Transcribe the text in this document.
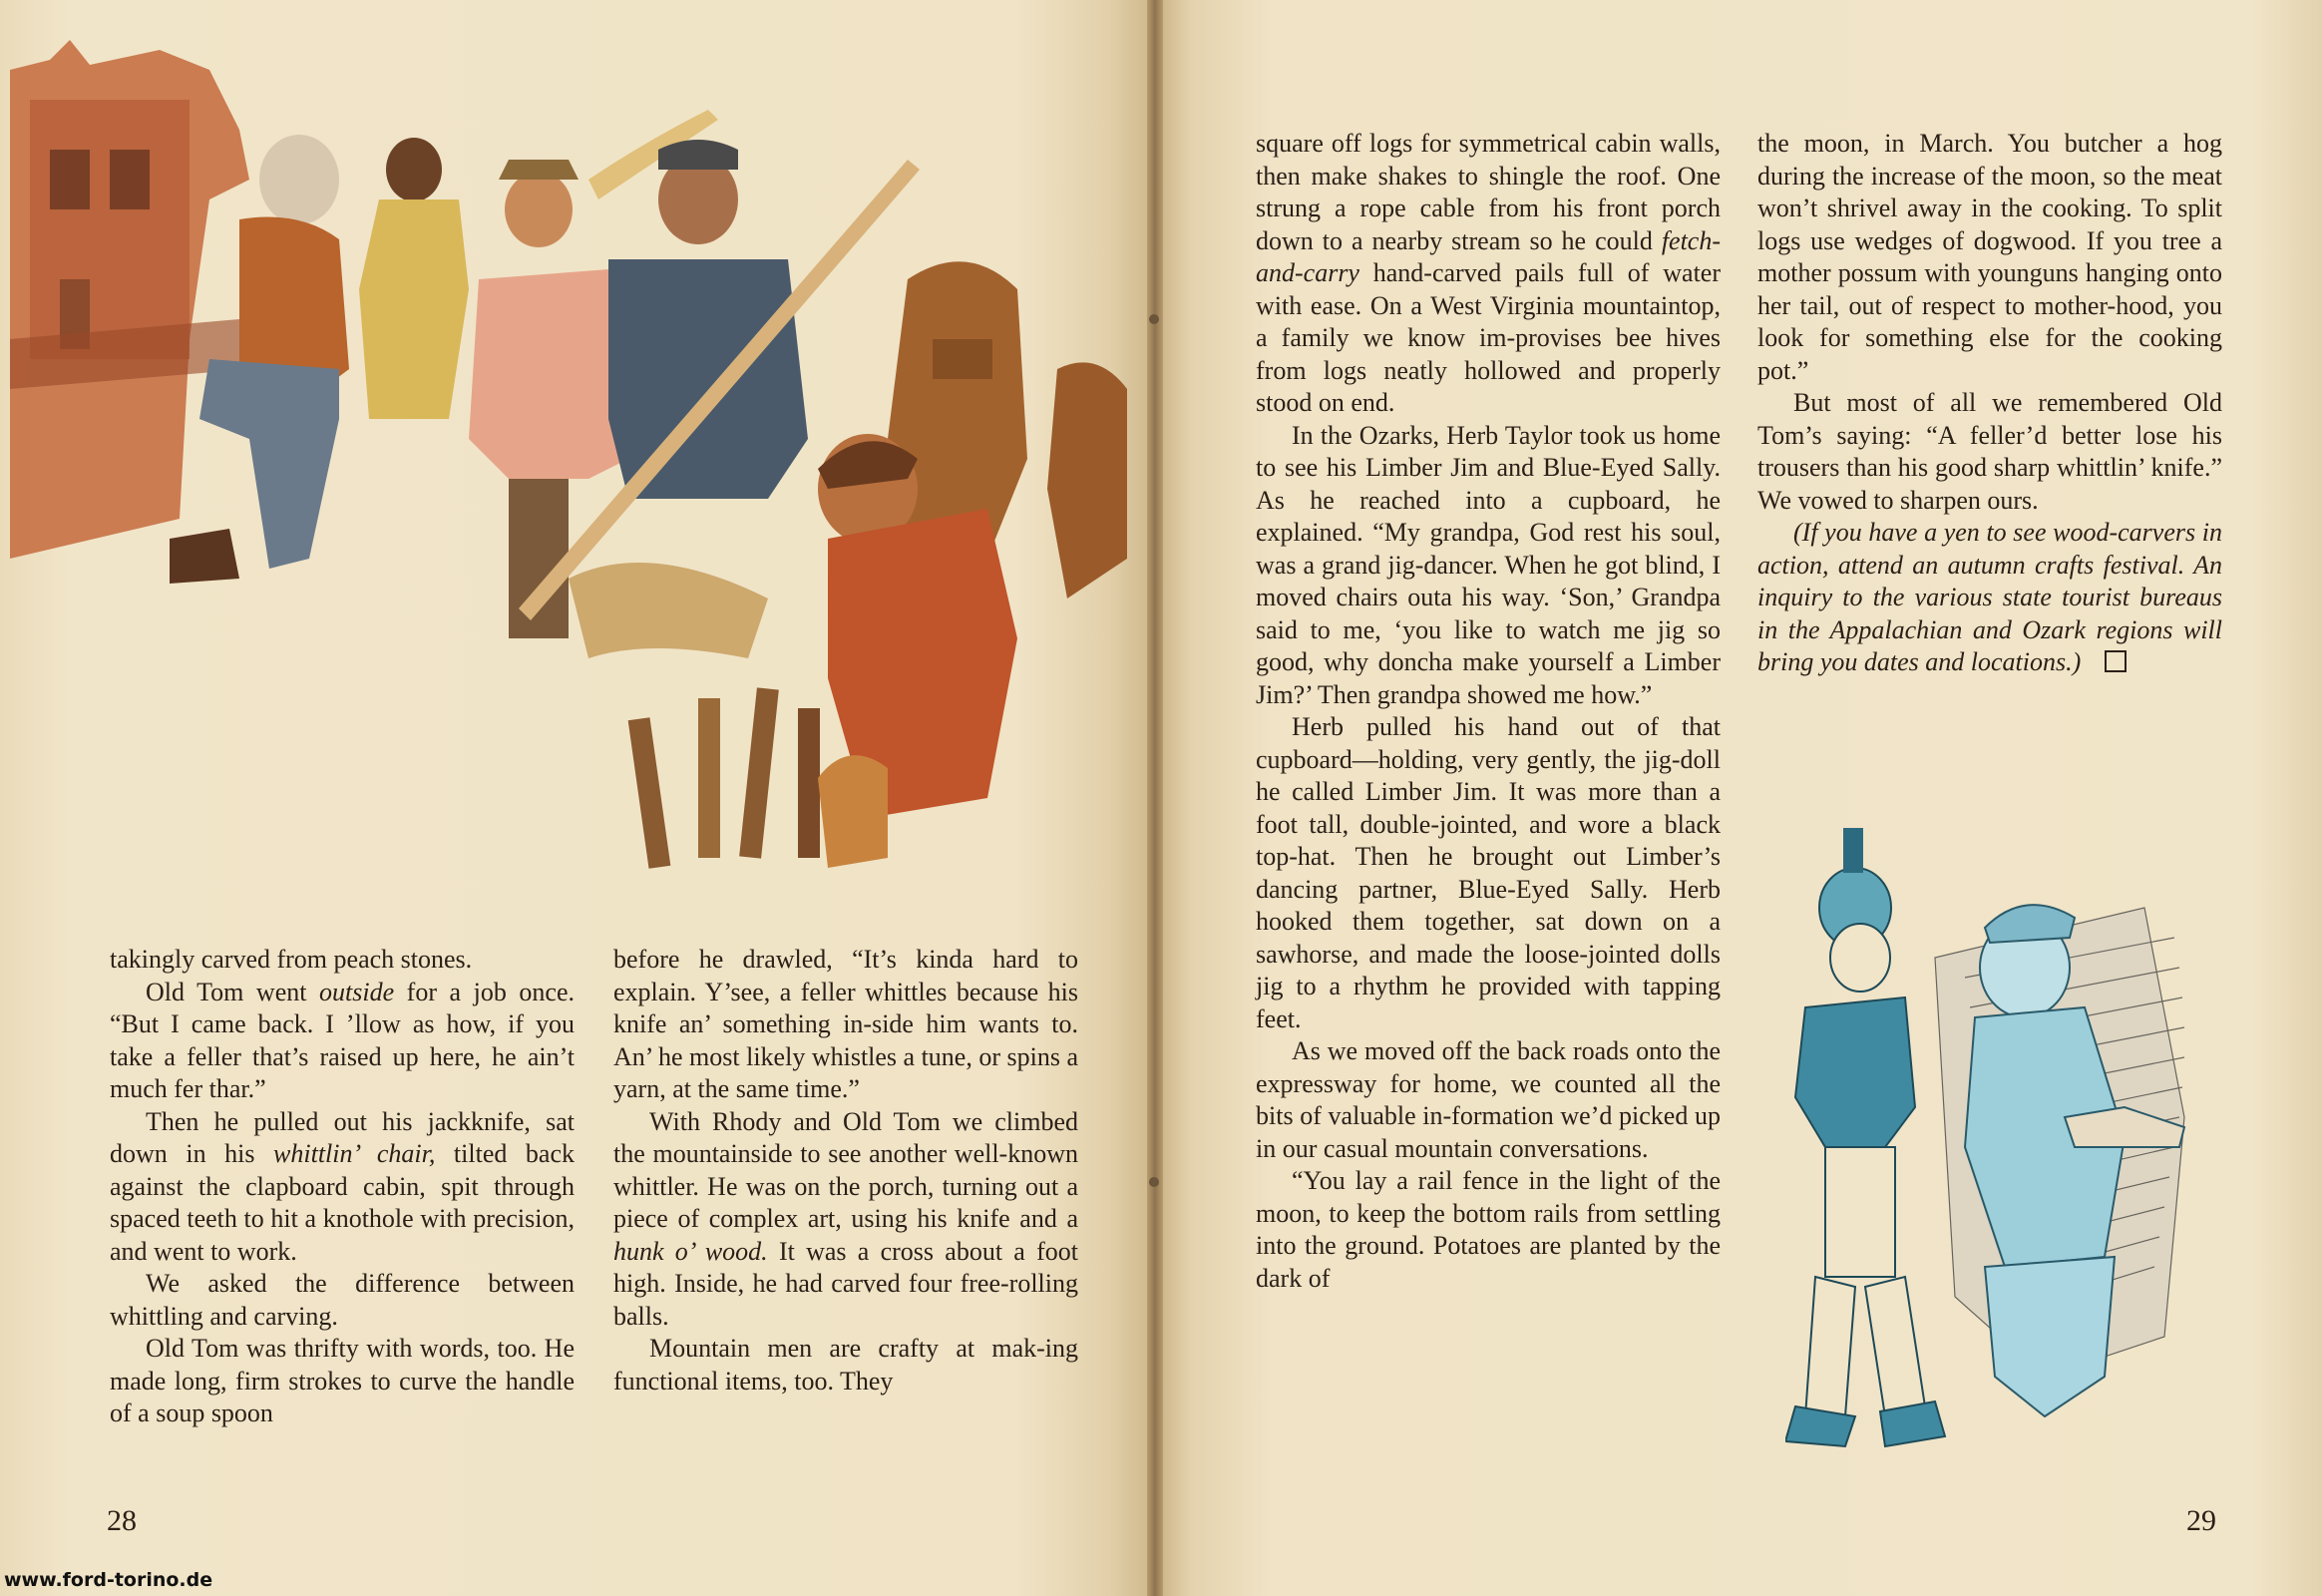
takingly carved from peach stones.

Old Tom went outside for a job once. “But I came back. I ’llow as how, if you take a feller that’s raised up here, he ain’t much fer thar.”

Then he pulled out his jackknife, sat down in his whittlin’ chair, tilted back against the clapboard cabin, spit through spaced teeth to hit a knothole with precision, and went to work.

We asked the difference between whittling and carving.

Old Tom was thrifty with words, too. He made long, firm strokes to curve the handle of a soup spoon

before he drawled, “It’s kinda hard to explain. Y’see, a feller whittles because his knife an’ something in-side him wants to. An’ he most likely whistles a tune, or spins a yarn, at the same time.”

With Rhody and Old Tom we climbed the mountainside to see another well-known whittler. He was on the porch, turning out a piece of complex art, using his knife and a hunk o’ wood. It was a cross about a foot high. Inside, he had carved four free-rolling balls.

Mountain men are crafty at mak-ing functional items, too. They

28
www.ford-torino.de

square off logs for symmetrical cabin walls, then make shakes to shingle the roof. One strung a rope cable from his front porch down to a nearby stream so he could fetch-and-carry hand-carved pails full of water with ease. On a West Virginia mountaintop, a family we know im-provises bee hives from logs neatly hollowed and properly stood on end.

In the Ozarks, Herb Taylor took us home to see his Limber Jim and Blue-Eyed Sally. As he reached into a cupboard, he explained. “My grandpa, God rest his soul, was a grand jig-dancer. When he got blind, I moved chairs outa his way. ‘Son,’ Grandpa said to me, ‘you like to watch me jig so good, why doncha make yourself a Limber Jim?’ Then grandpa showed me how.”

Herb pulled his hand out of that cupboard—holding, very gently, the jig-doll he called Limber Jim. It was more than a foot tall, double-jointed, and wore a black top-hat. Then he brought out Limber’s dancing partner, Blue-Eyed Sally. Herb hooked them together, sat down on a sawhorse, and made the loose-jointed dolls jig to a rhythm he provided with tapping feet.

As we moved off the back roads onto the expressway for home, we counted all the bits of valuable in-formation we’d picked up in our casual mountain conversations.

“You lay a rail fence in the light of the moon, to keep the bottom rails from settling into the ground. Potatoes are planted by the dark of

the moon, in March. You butcher a hog during the increase of the moon, so the meat won’t shrivel away in the cooking. To split logs use wedges of dogwood. If you tree a mother possum with younguns hanging onto her tail, out of respect to mother-hood, you look for something else for the cooking pot.”

But most of all we remembered Old Tom’s saying: “A feller’d better lose his trousers than his good sharp whittlin’ knife.” We vowed to sharpen ours.

(If you have a yen to see wood-carvers in action, attend an autumn crafts festival. An inquiry to the various state tourist bureaus in the Appalachian and Ozark regions will bring you dates and locations.)

29
